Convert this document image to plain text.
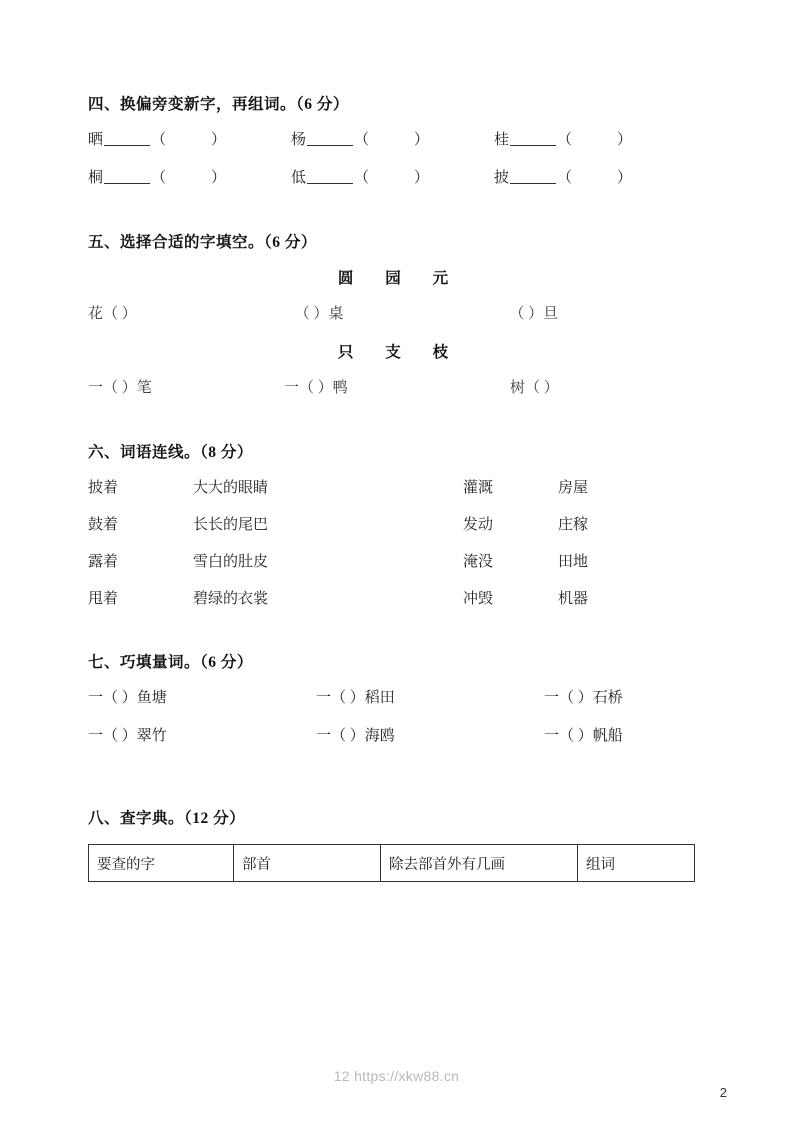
四、换偏旁变新字，再组词。（6 分）
晒	（            ）	杨	（            ）	桂	（            ）
桐	（            ）	低	（            ）	披	（            ）
五、选择合适的字填空。（6 分）
圆 园 元
花（ ）	（ ）桌	（ ）旦
只 支 枝
一（ ）笔	一（ ）鸭	树（ ）
六、词语连线。（8 分）
披着	大大的眼睛	灌溉	房屋
鼓着	长长的尾巴	发动	庄稼
露着	雪白的肚皮	淹没	田地
甩着	碧绿的衣裳	冲毁	机器
七、巧填量词。（6 分）
一（ ）鱼塘	一（ ）稻田	一（ ）石桥
一（ ）翠竹	一（ ）海鸥	一（ ）帆船
八、查字典。（12 分）
要查的字	部首	除去部首外有几画	组词
12 https://xkw88.cn
2
